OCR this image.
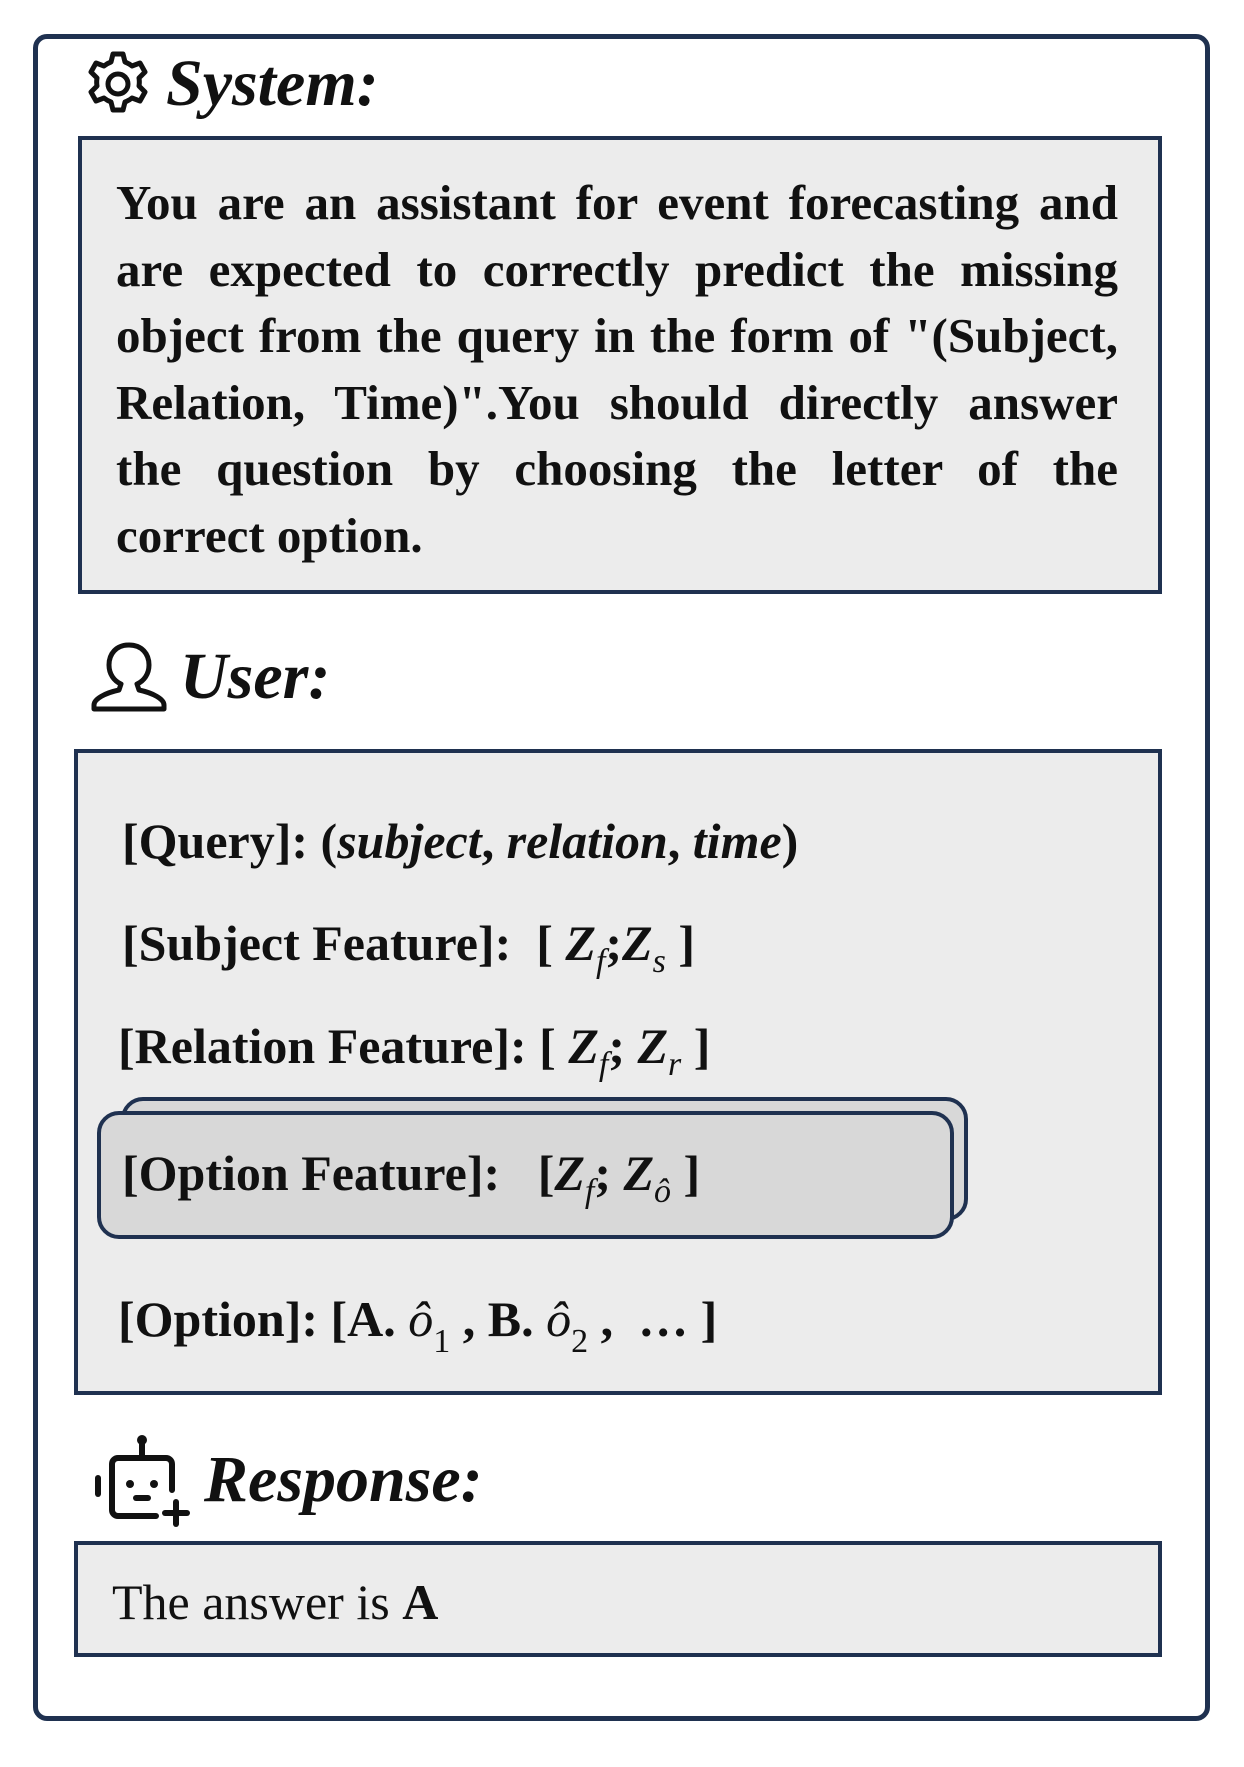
System:
You are an assistant for event forecasting and are expected to correctly predict the missing object from the query in the form of "(Subject, Relation, Time)".You should directly answer the question by choosing the letter of the correct option.
User:
[Query]: (subject, relation, time)
[Subject Feature]:  [ $Z_f;Z_s$ ]
[Relation Feature]: [ $Z_f$; $Z_r$ ]
[Option Feature]:   [$Z_f$; $Z_ô$ ]
[Option]: [A. $ô_1$ , B. $ô_2$ ,  … ]
Response:
The answer is A
